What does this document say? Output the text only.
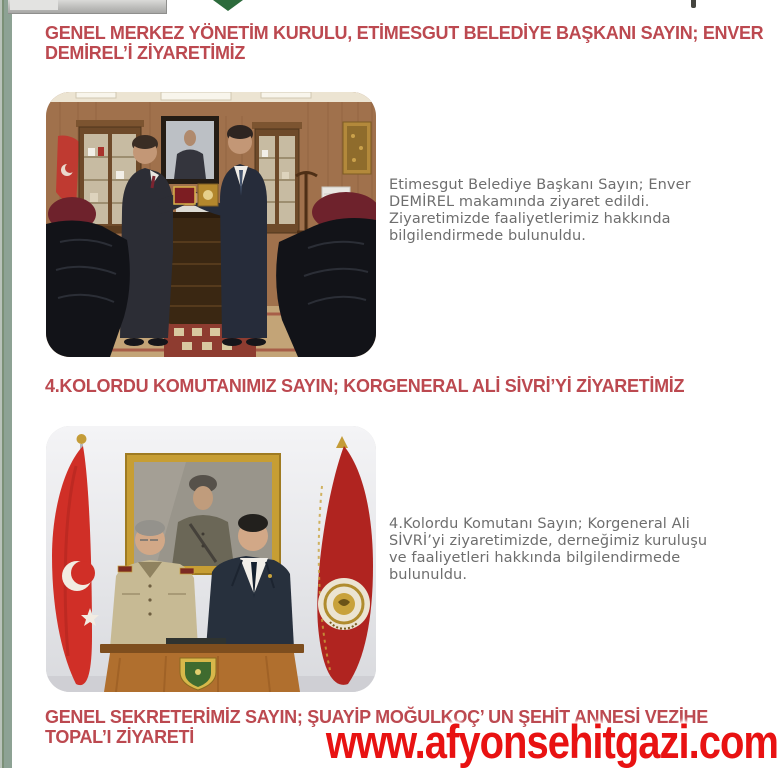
GENEL MERKEZ YÖNETİM KURULU, ETİMESGUT BELEDİYE BAŞKANI SAYIN; ENVER
DEMİREL’İ ZİYARETİMİZ
Etimesgut Belediye Başkanı Sayın; Enver
DEMİREL makamında ziyaret edildi.
Ziyaretimizde faaliyetlerimiz hakkında
bilgilendirmede bulunuldu.
4.KOLORDU KOMUTANIMIZ SAYIN; KORGENERAL ALİ SİVRİ’Yİ ZİYARETİMİZ
4.Kolordu Komutanı Sayın; Korgeneral Ali
SİVRİ’yi ziyaretimizde, derneğimiz kuruluşu
ve faaliyetleri hakkında bilgilendirmede
bulunuldu.
GENEL SEKRETERİMİZ SAYIN; ŞUAYİP MOĞULKOÇ’ UN ŞEHİT ANNESİ VEZİHE
TOPAL’I ZİYARETİ	www.afyonsehitgazi.com
